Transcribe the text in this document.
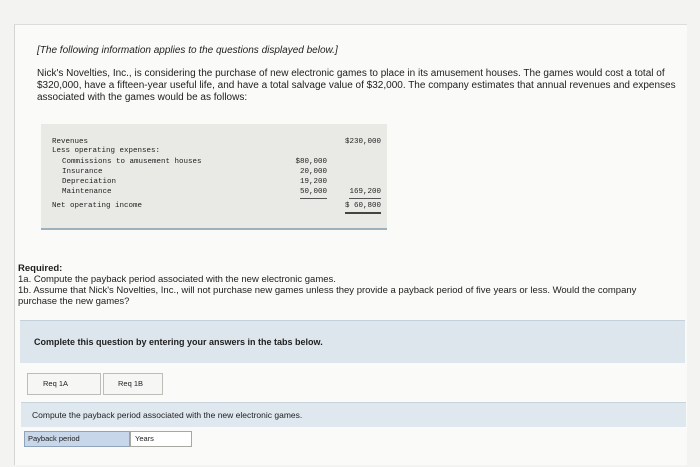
[The following information applies to the questions displayed below.]

Nick's Novelties, Inc., is considering the purchase of new electronic games to place in its amusement houses. The games would cost a total of $320,000, have a fifteen-year useful life, and have a total salvage value of $32,000. The company estimates that annual revenues and expenses associated with the games would be as follows:

Revenues	$230,000
Less operating expenses:
Commissions to amusement houses	$80,000
Insurance	20,000
Depreciation	19,200
Maintenance	50,000	169,200
Net operating income	$ 60,800

Required:

1a. Compute the payback period associated with the new electronic games.

1b. Assume that Nick's Novelties, Inc., will not purchase new games unless they provide a payback period of five years or less. Would the company purchase the new games?

Complete this question by entering your answers in the tabs below.
Req 1A	Req 1B
Compute the payback period associated with the new electronic games.
Payback period	Years
